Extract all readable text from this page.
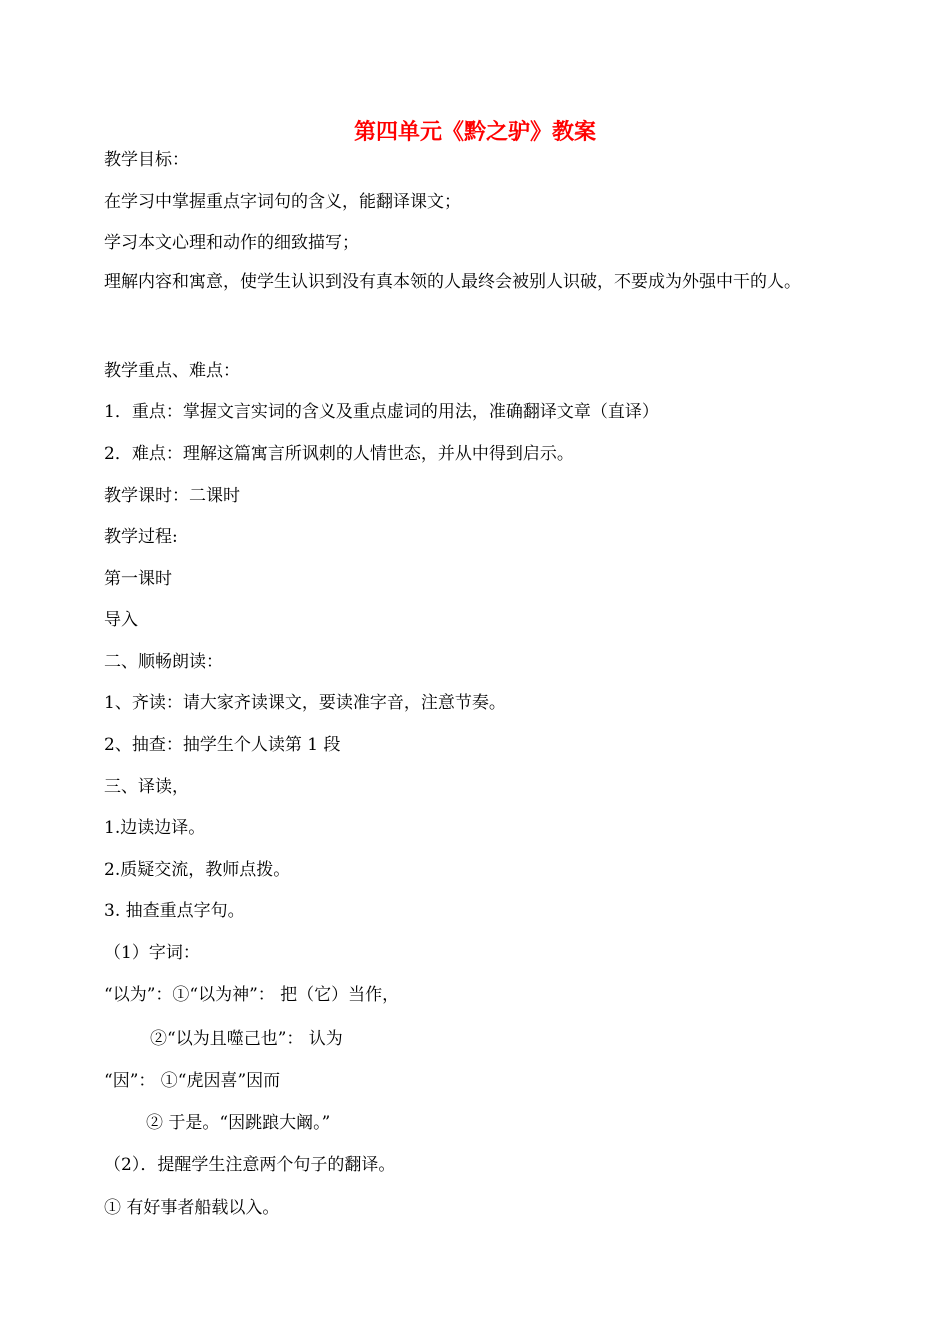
第四单元《黔之驴》教案
教学目标：
在学习中掌握重点字词句的含义，能翻译课文；
学习本文心理和动作的细致描写；
理解内容和寓意，使学生认识到没有真本领的人最终会被别人识破，不要成为外强中干的人。
教学重点、难点：
1．重点：掌握文言实词的含义及重点虚词的用法，准确翻译文章（直译）
2．难点：理解这篇寓言所讽刺的人情世态，并从中得到启示。
教学课时：二课时
教学过程:
第一课时
导入
二、顺畅朗读：
1、齐读：请大家齐读课文，要读准字音，注意节奏。
2、抽查：抽学生个人读第 1 段
三、译读，
1.边读边译。
2.质疑交流，教师点拨。
3. 抽查重点字句。
（1）字词：
“以为”：①“以为神”： 把（它）当作，
②“以为且噬己也”： 认为
“因”： ①“虎因喜”因而
② 于是。“因跳踉大阚。”
（2）．提醒学生注意两个句子的翻译。
① 有好事者船载以入。
